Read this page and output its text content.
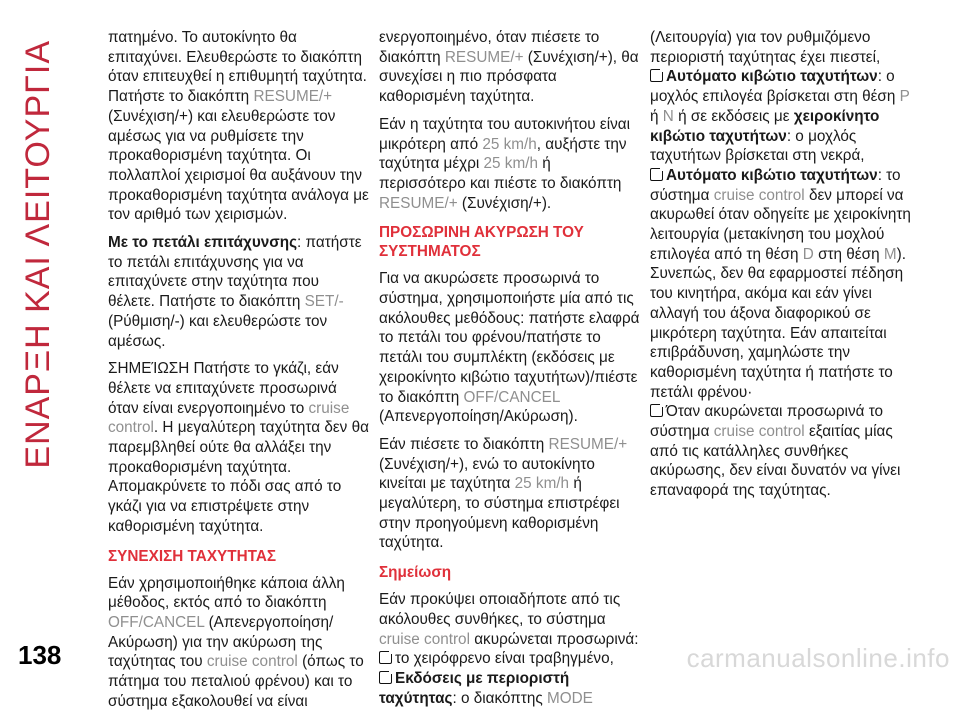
ΕΝΑΡΞΗ ΚΑΙ ΛΕΙΤΟΥΡΓΙΑ

πατημένο. Το αυτοκίνητο θα επιταχύνει. Ελευθερώστε το διακόπτη όταν επιτευχθεί η επιθυμητή ταχύτητα. Πατήστε το διακόπτη RESUME/+ (Συνέχιση/+) και ελευθερώστε τον αμέσως για να ρυθμίσετε την προκαθορισμένη ταχύτητα. Οι πολλαπλοί χειρισμοί θα αυξάνουν την προκαθορισμένη ταχύτητα ανάλογα με τον αριθμό των χειρισμών.

Με το πετάλι επιτάχυνσης: πατήστε το πετάλι επιτάχυνσης για να επιταχύνετε στην ταχύτητα που θέλετε. Πατήστε το διακόπτη SET/- (Ρύθμιση/-) και ελευθερώστε τον αμέσως.

ΣΗΜΕΊΩΣΗ Πατήστε το γκάζι, εάν θέλετε να επιταχύνετε προσωρινά όταν είναι ενεργοποιημένο το cruise control. Η μεγαλύτερη ταχύτητα δεν θα παρεμβληθεί ούτε θα αλλάξει την προκαθορισμένη ταχύτητα. Απομακρύνετε το πόδι σας από το γκάζι για να επιστρέψετε στην καθορισμένη ταχύτητα.

ΣΥΝΕΧΙΣΗ ΤΑΧΥΤΗΤΑΣ

Εάν χρησιμοποιήθηκε κάποια άλλη μέθοδος, εκτός από το διακόπτη OFF/CANCEL (Απενεργοποίηση/ Ακύρωση) για την ακύρωση της ταχύτητας του cruise control (όπως το πάτημα του πεταλιού φρένου) και το σύστημα εξακολουθεί να είναι

ενεργοποιημένο, όταν πιέσετε το διακόπτη RESUME/+ (Συνέχιση/+), θα συνεχίσει η πιο πρόσφατα καθορισμένη ταχύτητα.

Εάν η ταχύτητα του αυτοκινήτου είναι μικρότερη από 25 km/h, αυξήστε την ταχύτητα μέχρι 25 km/h ή περισσότερο και πιέστε το διακόπτη RESUME/+ (Συνέχιση/+).

ΠΡΟΣΩΡΙΝΗ ΑΚΥΡΩΣΗ ΤΟΥ ΣΥΣΤΗΜΑΤΟΣ

Για να ακυρώσετε προσωρινά το σύστημα, χρησιμοποιήστε μία από τις ακόλουθες μεθόδους: πατήστε ελαφρά το πετάλι του φρένου/πατήστε το πετάλι του συμπλέκτη (εκδόσεις με χειροκίνητο κιβώτιο ταχυτήτων)/πιέστε το διακόπτη OFF/CANCEL (Απενεργοποίηση/Ακύρωση).

Εάν πιέσετε το διακόπτη RESUME/+ (Συνέχιση/+), ενώ το αυτοκίνητο κινείται με ταχύτητα 25 km/h ή μεγαλύτερη, το σύστημα επιστρέφει στην προηγούμενη καθορισμένη ταχύτητα.

Σημείωση

Εάν προκύψει οποιαδήποτε από τις ακόλουθες συνθήκες, το σύστημα cruise control ακυρώνεται προσωρινά:

το χειρόφρενο είναι τραβηγμένο,
Εκδόσεις με περιοριστή ταχύτητας: ο διακόπτης MODE
(Λειτουργία) για τον ρυθμιζόμενο περιοριστή ταχύτητας έχει πιεστεί,
Αυτόματο κιβώτιο ταχυτήτων: ο μοχλός επιλογέα βρίσκεται στη θέση P ή N ή σε εκδόσεις με χειροκίνητο κιβώτιο ταχυτήτων: ο μοχλός ταχυτήτων βρίσκεται στη νεκρά,
Αυτόματο κιβώτιο ταχυτήτων: το σύστημα cruise control δεν μπορεί να ακυρωθεί όταν οδηγείτε με χειροκίνητη λειτουργία (μετακίνηση του μοχλού επιλογέα από τη θέση D στη θέση M). Συνεπώς, δεν θα εφαρμοστεί πέδηση του κινητήρα, ακόμα και εάν γίνει αλλαγή του άξονα διαφορικού σε μικρότερη ταχύτητα. Εάν απαιτείται επιβράδυνση, χαμηλώστε την καθορισμένη ταχύτητα ή πατήστε το πετάλι φρένου·
Όταν ακυρώνεται προσωρινά το σύστημα cruise control εξαιτίας μίας από τις κατάλληλες συνθήκες ακύρωσης, δεν είναι δυνατόν να γίνει επαναφορά της ταχύτητας.
138	carmanualsonline.info
